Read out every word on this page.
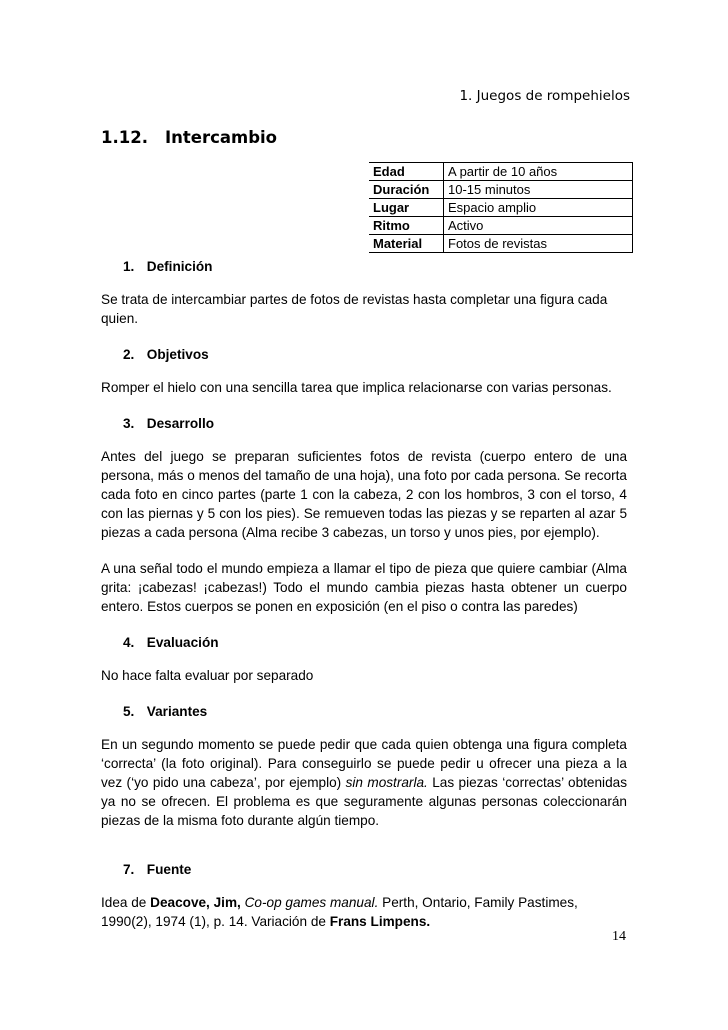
1. Juegos de rompehielos
1.12. Intercambio
Edad	A partir de 10 años
Duración	10-15 minutos
Lugar	Espacio amplio
Ritmo	Activo
Material	Fotos de revistas

1. Definición

Se trata de intercambiar partes de fotos de revistas hasta completar una figura cada quien.

2. Objetivos

Romper el hielo con una sencilla tarea que implica relacionarse con varias personas.

3. Desarrollo

Antes del juego se preparan suficientes fotos de revista (cuerpo entero de una persona, más o menos del tamaño de una hoja), una foto por cada persona. Se recorta cada foto en cinco partes (parte 1 con la cabeza, 2 con los hombros, 3 con el torso, 4 con las piernas y 5 con los pies). Se remueven todas las piezas y se reparten al azar 5 piezas a cada persona (Alma recibe 3 cabezas, un torso y unos pies, por ejemplo).

A una señal todo el mundo empieza a llamar el tipo de pieza que quiere cambiar (Alma grita: ¡cabezas! ¡cabezas!) Todo el mundo cambia piezas hasta obtener un cuerpo entero. Estos cuerpos se ponen en exposición (en el piso o contra las paredes)

4. Evaluación

No hace falta evaluar por separado

5. Variantes

En un segundo momento se puede pedir que cada quien obtenga una figura completa ‘correcta’ (la foto original). Para conseguirlo se puede pedir u ofrecer una pieza a la vez (‘yo pido una cabeza’, por ejemplo) sin mostrarla. Las piezas ‘correctas’ obtenidas ya no se ofrecen. El problema es que seguramente algunas personas coleccionarán piezas de la misma foto durante algún tiempo.

7. Fuente

Idea de Deacove, Jim, Co-op games manual. Perth, Ontario, Family Pastimes, 1990(2), 1974 (1), p. 14. Variación de Frans Limpens.

14
